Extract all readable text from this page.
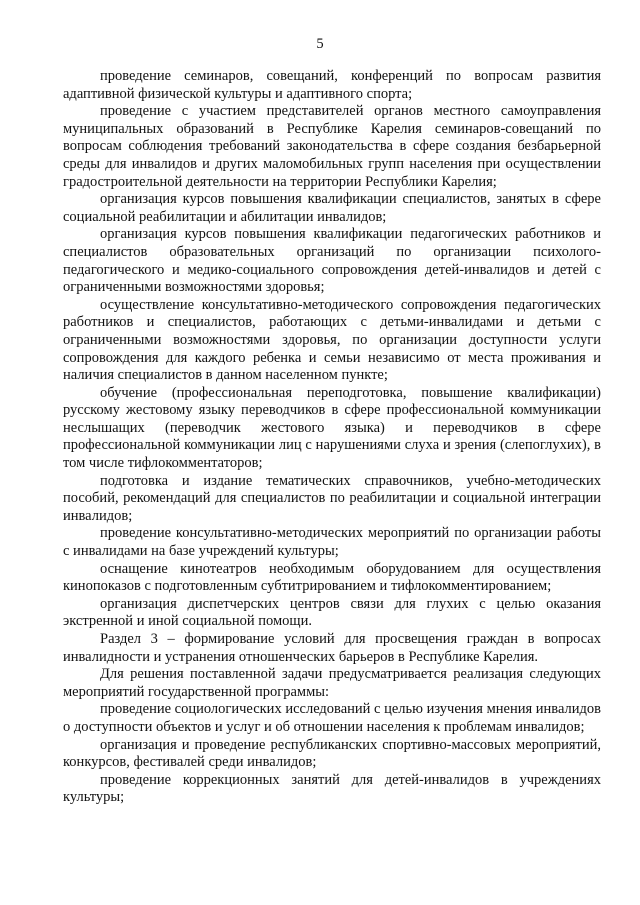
5

проведение семинаров, совещаний, конференций по вопросам развития адаптивной физической культуры и адаптивного спорта;

проведение с участием представителей органов местного самоуправления муниципальных образований в Республике Карелия семинаров-совещаний по вопросам соблюдения требований законодательства в сфере создания безбарьерной среды для инвалидов и других маломобильных групп населения при осуществлении градостроительной деятельности на территории Республики Карелия;

организация курсов повышения квалификации специалистов, занятых в сфере социальной реабилитации и абилитации инвалидов;

организация курсов повышения квалификации педагогических работников и специалистов образовательных организаций по организации психолого-педагогического и медико-социального сопровождения детей-инвалидов и детей с ограниченными возможностями здоровья;

осуществление консультативно-методического сопровождения педагогических работников и специалистов, работающих с детьми-инвалидами и детьми с ограниченными возможностями здоровья, по организации доступности услуги сопровождения для каждого ребенка и семьи независимо от места проживания и наличия специалистов в данном населенном пункте;

обучение (профессиональная переподготовка, повышение квалификации) русскому жестовому языку переводчиков в сфере профессиональной коммуникации неслышащих (переводчик жестового языка) и переводчиков в сфере профессиональной коммуникации лиц с нарушениями слуха и зрения (слепоглухих), в том числе тифлокомментаторов;

подготовка и издание тематических справочников, учебно-методических пособий, рекомендаций для специалистов по реабилитации и социальной интеграции инвалидов;

проведение консультативно-методических мероприятий по организации работы с инвалидами на базе учреждений культуры;

оснащение кинотеатров необходимым оборудованием для осуществления кинопоказов с подготовленным субтитрированием и тифлокомментированием;

организация диспетчерских центров связи для глухих с целью оказания экстренной и иной социальной помощи.

Раздел 3 – формирование условий для просвещения граждан в вопросах инвалидности и устранения отношенческих барьеров в Республике Карелия.

Для решения поставленной задачи предусматривается реализация следующих мероприятий государственной программы:

проведение социологических исследований с целью изучения мнения инвалидов о доступности объектов и услуг и об отношении населения к проблемам инвалидов;

организация и проведение республиканских спортивно-массовых мероприятий, конкурсов, фестивалей среди инвалидов;

проведение коррекционных занятий для детей-инвалидов в учреждениях культуры;
